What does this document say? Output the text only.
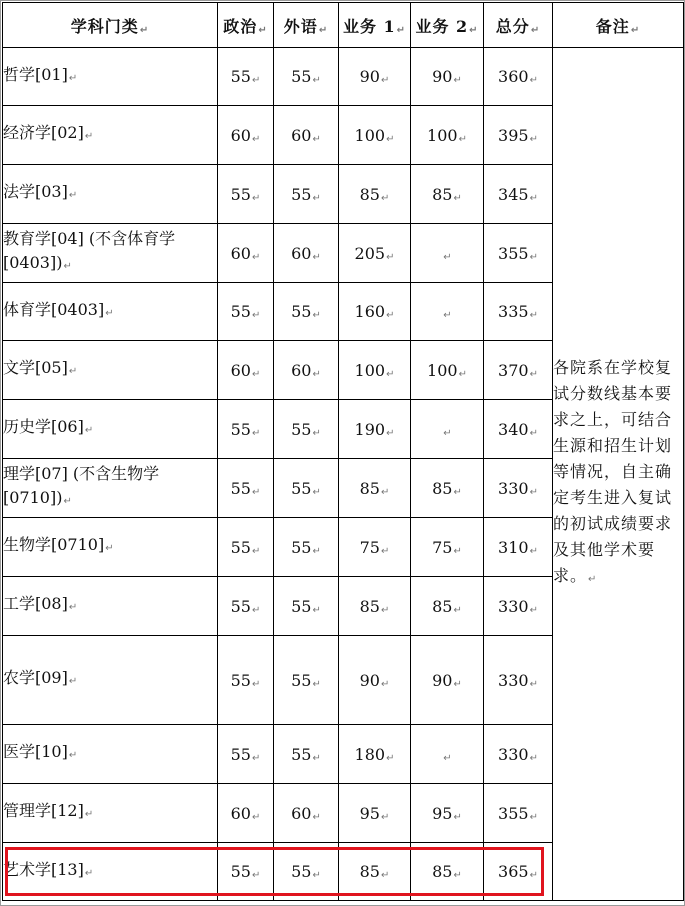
学科门类↵	政治↵	外语↵	业务 1↵	业务 2↵	总分↵	备注↵
哲学[01]↵	55↵	55↵	90↵	90↵	360↵	各院系在学校复试分数线基本要求之上，可结合生源和招生计划等情况，自主确定考生进入复试的初试成绩要求及其他学术要求。↵
经济学[02]↵	60↵	60↵	100↵	100↵	395↵	
法学[03]↵	55↵	55↵	85↵	85↵	345↵	
教育学[04] (不含体育学[0403])↵	60↵	60↵	205↵	↵	355↵	
体育学[0403]↵	55↵	55↵	160↵	↵	335↵	
文学[05]↵	60↵	60↵	100↵	100↵	370↵	
历史学[06]↵	55↵	55↵	190↵	↵	340↵	
理学[07] (不含生物学[0710])↵	55↵	55↵	85↵	85↵	330↵	
生物学[0710]↵	55↵	55↵	75↵	75↵	310↵	
工学[08]↵	55↵	55↵	85↵	85↵	330↵	
农学[09]↵	55↵	55↵	90↵	90↵	330↵	
医学[10]↵	55↵	55↵	180↵	↵	330↵	
管理学[12]↵	60↵	60↵	95↵	95↵	355↵	
艺术学[13]↵	55↵	55↵	85↵	85↵	365↵	
